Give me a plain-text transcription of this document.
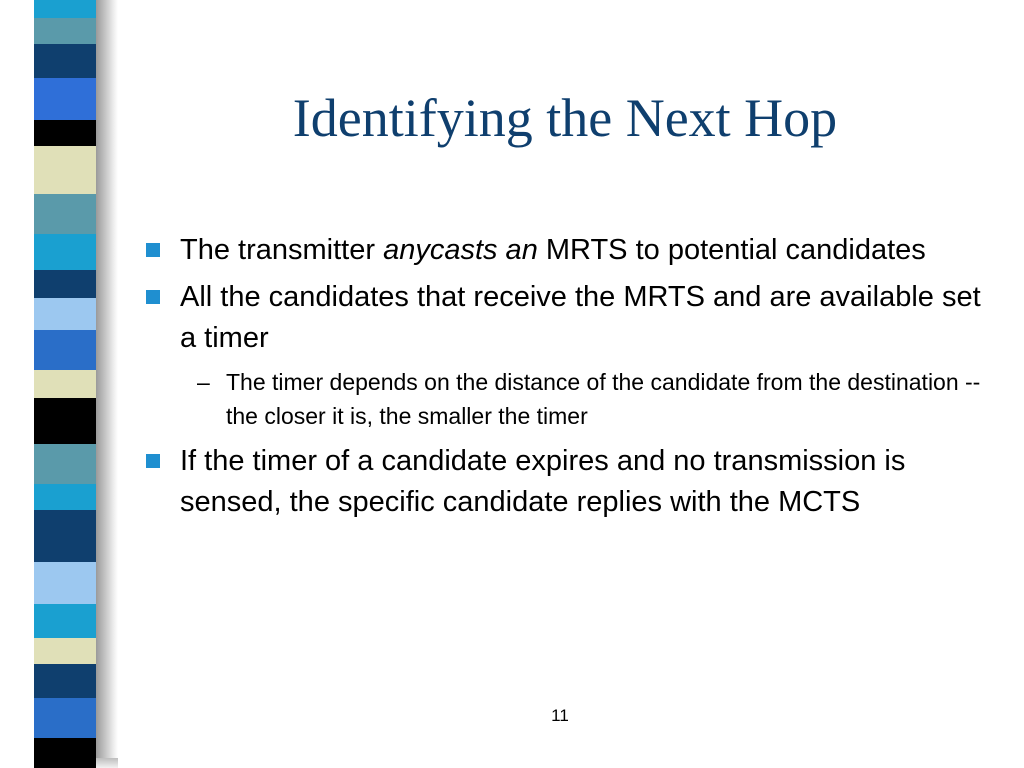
Identifying the Next Hop
The transmitter anycasts an MRTS to potential candidates
All the candidates that receive the MRTS and are available set a timer
– The timer depends on the distance of the candidate from the destination -- the closer it is, the smaller the timer
If the timer of a candidate expires and no transmission is sensed, the specific candidate replies with the MCTS
11
